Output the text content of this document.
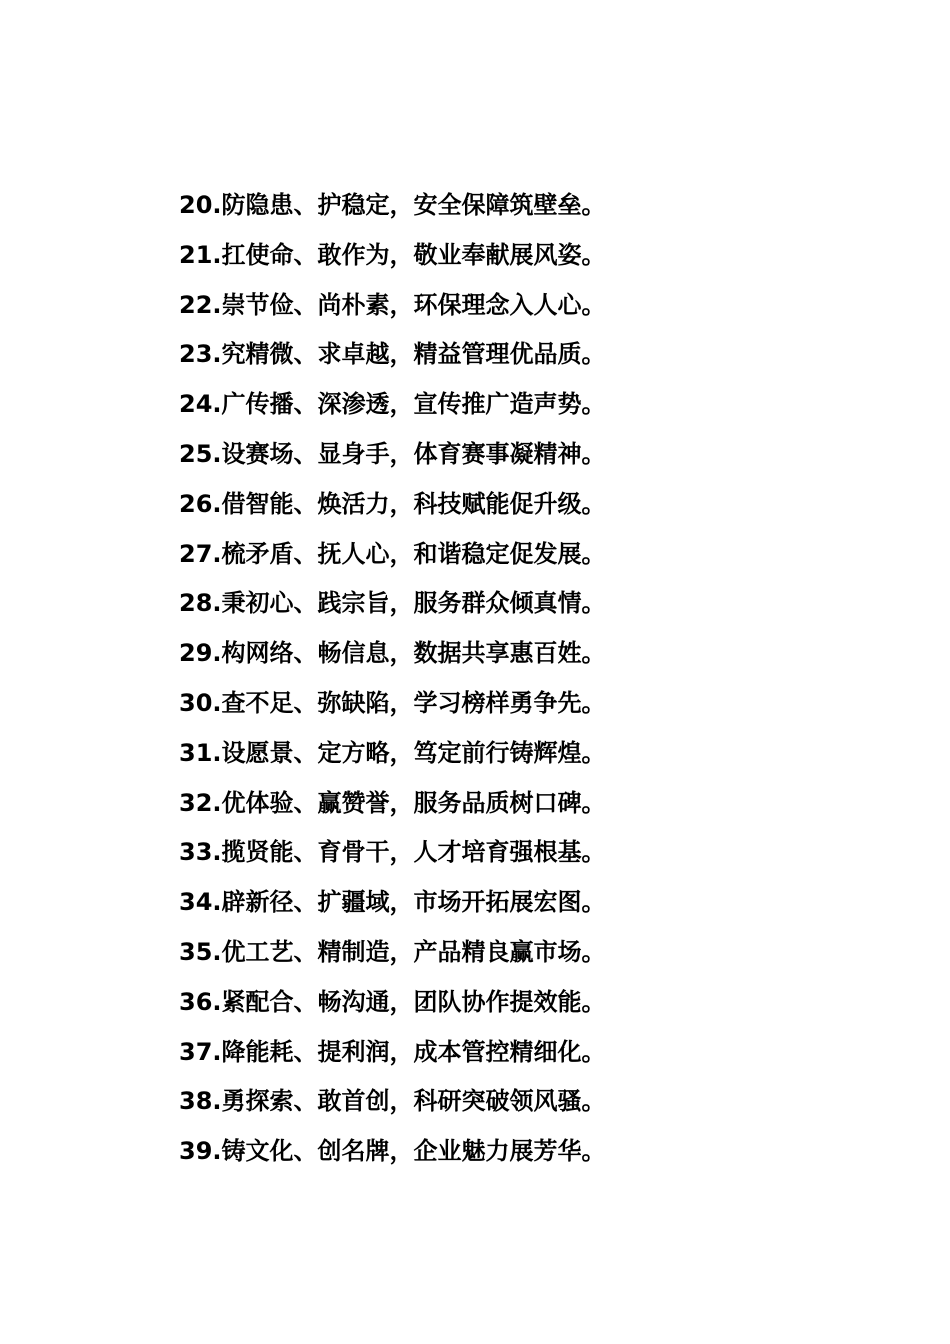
20.防隐患、护稳定，安全保障筑壁垒。
21.扛使命、敢作为，敬业奉献展风姿。
22.崇节俭、尚朴素，环保理念入人心。
23.究精微、求卓越，精益管理优品质。
24.广传播、深渗透，宣传推广造声势。
25.设赛场、显身手，体育赛事凝精神。
26.借智能、焕活力，科技赋能促升级。
27.梳矛盾、抚人心，和谐稳定促发展。
28.秉初心、践宗旨，服务群众倾真情。
29.构网络、畅信息，数据共享惠百姓。
30.查不足、弥缺陷，学习榜样勇争先。
31.设愿景、定方略，笃定前行铸辉煌。
32.优体验、赢赞誉，服务品质树口碑。
33.揽贤能、育骨干，人才培育强根基。
34.辟新径、扩疆域，市场开拓展宏图。
35.优工艺、精制造，产品精良赢市场。
36.紧配合、畅沟通，团队协作提效能。
37.降能耗、提利润，成本管控精细化。
38.勇探索、敢首创，科研突破领风骚。
39.铸文化、创名牌，企业魅力展芳华。
